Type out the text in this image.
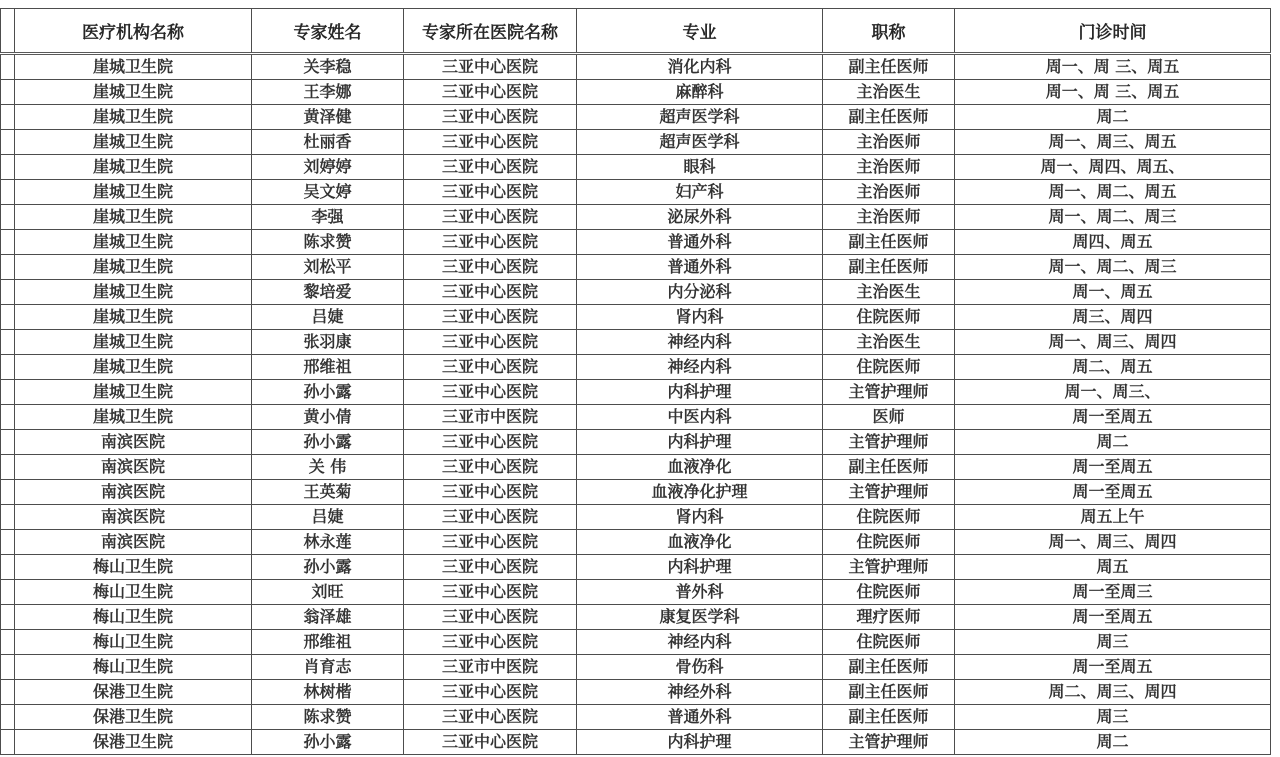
	医疗机构名称	专家姓名	专家所在医院名称	专业	职称	门诊时间
	崖城卫生院	关李稳	三亚中心医院	消化内科	副主任医师	周一、周 三、周五
	崖城卫生院	王李娜	三亚中心医院	麻醉科	主治医生	周一、周 三、周五
	崖城卫生院	黄泽健	三亚中心医院	超声医学科	副主任医师	周二
	崖城卫生院	杜丽香	三亚中心医院	超声医学科	主治医师	周一、周三、周五
	崖城卫生院	刘婷婷	三亚中心医院	眼科	主治医师	周一、周四、周五、
	崖城卫生院	吴文婷	三亚中心医院	妇产科	主治医师	周一、周二、周五
	崖城卫生院	李强	三亚中心医院	泌尿外科	主治医师	周一、周二、周三
	崖城卫生院	陈求赞	三亚中心医院	普通外科	副主任医师	周四、周五
	崖城卫生院	刘松平	三亚中心医院	普通外科	副主任医师	周一、周二、周三
	崖城卫生院	黎培爱	三亚中心医院	内分泌科	主治医生	周一、周五
	崖城卫生院	吕婕	三亚中心医院	肾内科	住院医师	周三、周四
	崖城卫生院	张羽康	三亚中心医院	神经内科	主治医生	周一、周三、周四
	崖城卫生院	邢维祖	三亚中心医院	神经内科	住院医师	周二、周五
	崖城卫生院	孙小露	三亚中心医院	内科护理	主管护理师	周一、周三、
	崖城卫生院	黄小倩	三亚市中医院	中医内科	医师	周一至周五
	南滨医院	孙小露	三亚中心医院	内科护理	主管护理师	周二
	南滨医院	关 伟	三亚中心医院	血液净化	副主任医师	周一至周五
	南滨医院	王英菊	三亚中心医院	血液净化护理	主管护理师	周一至周五
	南滨医院	吕婕	三亚中心医院	肾内科	住院医师	周五上午
	南滨医院	林永莲	三亚中心医院	血液净化	住院医师	周一、周三、周四
	梅山卫生院	孙小露	三亚中心医院	内科护理	主管护理师	周五
	梅山卫生院	刘旺	三亚中心医院	普外科	住院医师	周一至周三
	梅山卫生院	翁泽雄	三亚中心医院	康复医学科	理疗医师	周一至周五
	梅山卫生院	邢维祖	三亚中心医院	神经内科	住院医师	周三
	梅山卫生院	肖育志	三亚市中医院	骨伤科	副主任医师	周一至周五
	保港卫生院	林树楷	三亚中心医院	神经外科	副主任医师	周二、周三、周四
	保港卫生院	陈求赞	三亚中心医院	普通外科	副主任医师	周三
	保港卫生院	孙小露	三亚中心医院	内科护理	主管护理师	周二
